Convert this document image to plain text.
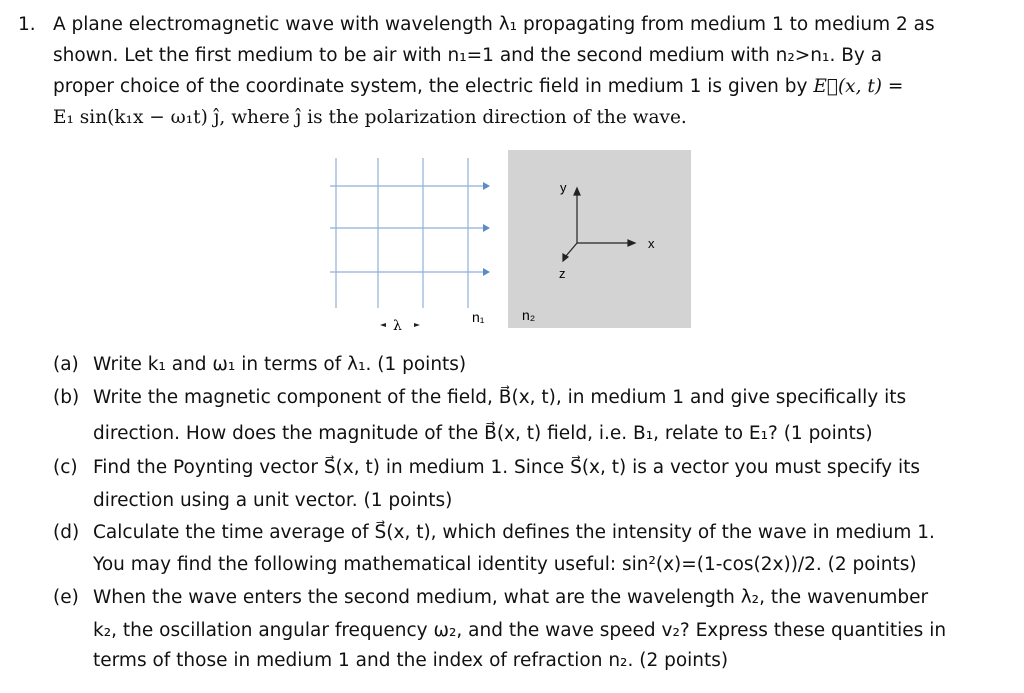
1. A plane electromagnetic wave with wavelength λ₁ propagating from medium 1 to medium 2 as
shown. Let the first medium to be air with n₁=1 and the second medium with n₂>n₁. By a
proper choice of the coordinate system, the electric field in medium 1 is given by E⃗(x, t) =
E₁ sin(k₁x − ω₁t) ĵ, where ĵ is the polarization direction of the wave.
y
x
z
λ
n₁	n₂
(a) Write k₁ and ω₁ in terms of λ₁. (1 points)
(b) Write the magnetic component of the field, B⃗(x, t), in medium 1 and give specifically its
direction. How does the magnitude of the B⃗(x, t) field, i.e. B₁, relate to E₁? (1 points)
(c) Find the Poynting vector S⃗(x, t) in medium 1. Since S⃗(x, t) is a vector you must specify its
direction using a unit vector. (1 points)
(d) Calculate the time average of S⃗(x, t), which defines the intensity of the wave in medium 1.
You may find the following mathematical identity useful: sin²(x)=(1-cos(2x))/2. (2 points)
(e) When the wave enters the second medium, what are the wavelength λ₂, the wavenumber
k₂, the oscillation angular frequency ω₂, and the wave speed v₂? Express these quantities in
terms of those in medium 1 and the index of refraction n₂. (2 points)
